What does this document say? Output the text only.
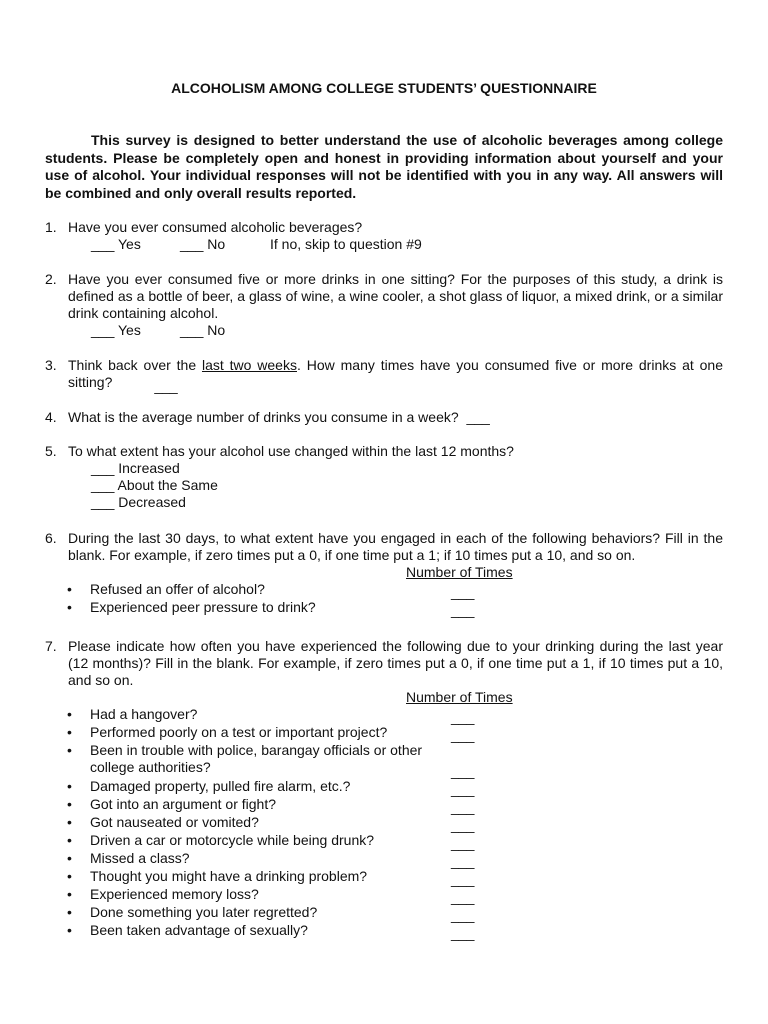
ALCOHOLISM AMONG COLLEGE STUDENTS’ QUESTIONNAIRE
This survey is designed to better understand the use of alcoholic beverages among college students. Please be completely open and honest in providing information about yourself and your use of alcohol. Your individual responses will not be identified with you in any way. All answers will be combined and only overall results reported.
1. Have you ever consumed alcoholic beverages?
___ Yes	___ No	If no, skip to question #9
2. Have you ever consumed five or more drinks in one sitting? For the purposes of this study, a drink is defined as a bottle of beer, a glass of wine, a wine cooler, a shot glass of liquor, a mixed drink, or a similar drink containing alcohol.
___ Yes	___ No
3. Think back over the last two weeks. How many times have you consumed five or more drinks at one sitting?	___
4. What is the average number of drinks you consume in a week? ___
5. To what extent has your alcohol use changed within the last 12 months?
___ Increased
___ About the Same
___ Decreased
6. During the last 30 days, to what extent have you engaged in each of the following behaviors? Fill in the blank. For example, if zero times put a 0, if one time put a 1; if 10 times put a 10, and so on.
Number of Times
• Refused an offer of alcohol?	___
• Experienced peer pressure to drink?	___
7. Please indicate how often you have experienced the following due to your drinking during the last year (12 months)? Fill in the blank. For example, if zero times put a 0, if one time put a 1, if 10 times put a 10, and so on.
Number of Times
• Had a hangover?	___
• Performed poorly on a test or important project?	___
• Been in trouble with police, barangay officials or other college authorities?	___
• Damaged property, pulled fire alarm, etc.?	___
• Got into an argument or fight?	___
• Got nauseated or vomited?	___
• Driven a car or motorcycle while being drunk?	___
• Missed a class?	___
• Thought you might have a drinking problem?	___
• Experienced memory loss?	___
• Done something you later regretted?	___
• Been taken advantage of sexually?	___
